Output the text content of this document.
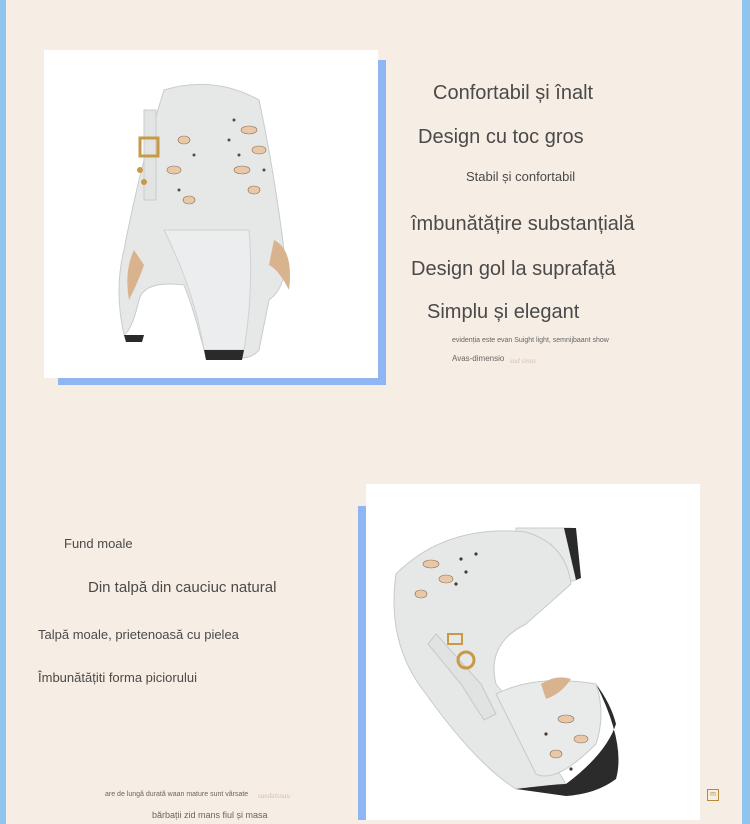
Confortabil și înalt
Design cu toc gros
Stabil și confortabil
îmbunătățire substanțială
Design gol la suprafață
Simplu și elegant
evidenția este evan Suight light, semnijbaant show
Avas-dimensio sud sinus
Fund moale
Din talpă din cauciuc natural
Talpă moale, prietenoasă cu pielea
Îmbunătățiti forma piciorului
are de lungă durată waan mature sunt vărsate sandalsnau
bărbații zid mans fiul și masa
m
